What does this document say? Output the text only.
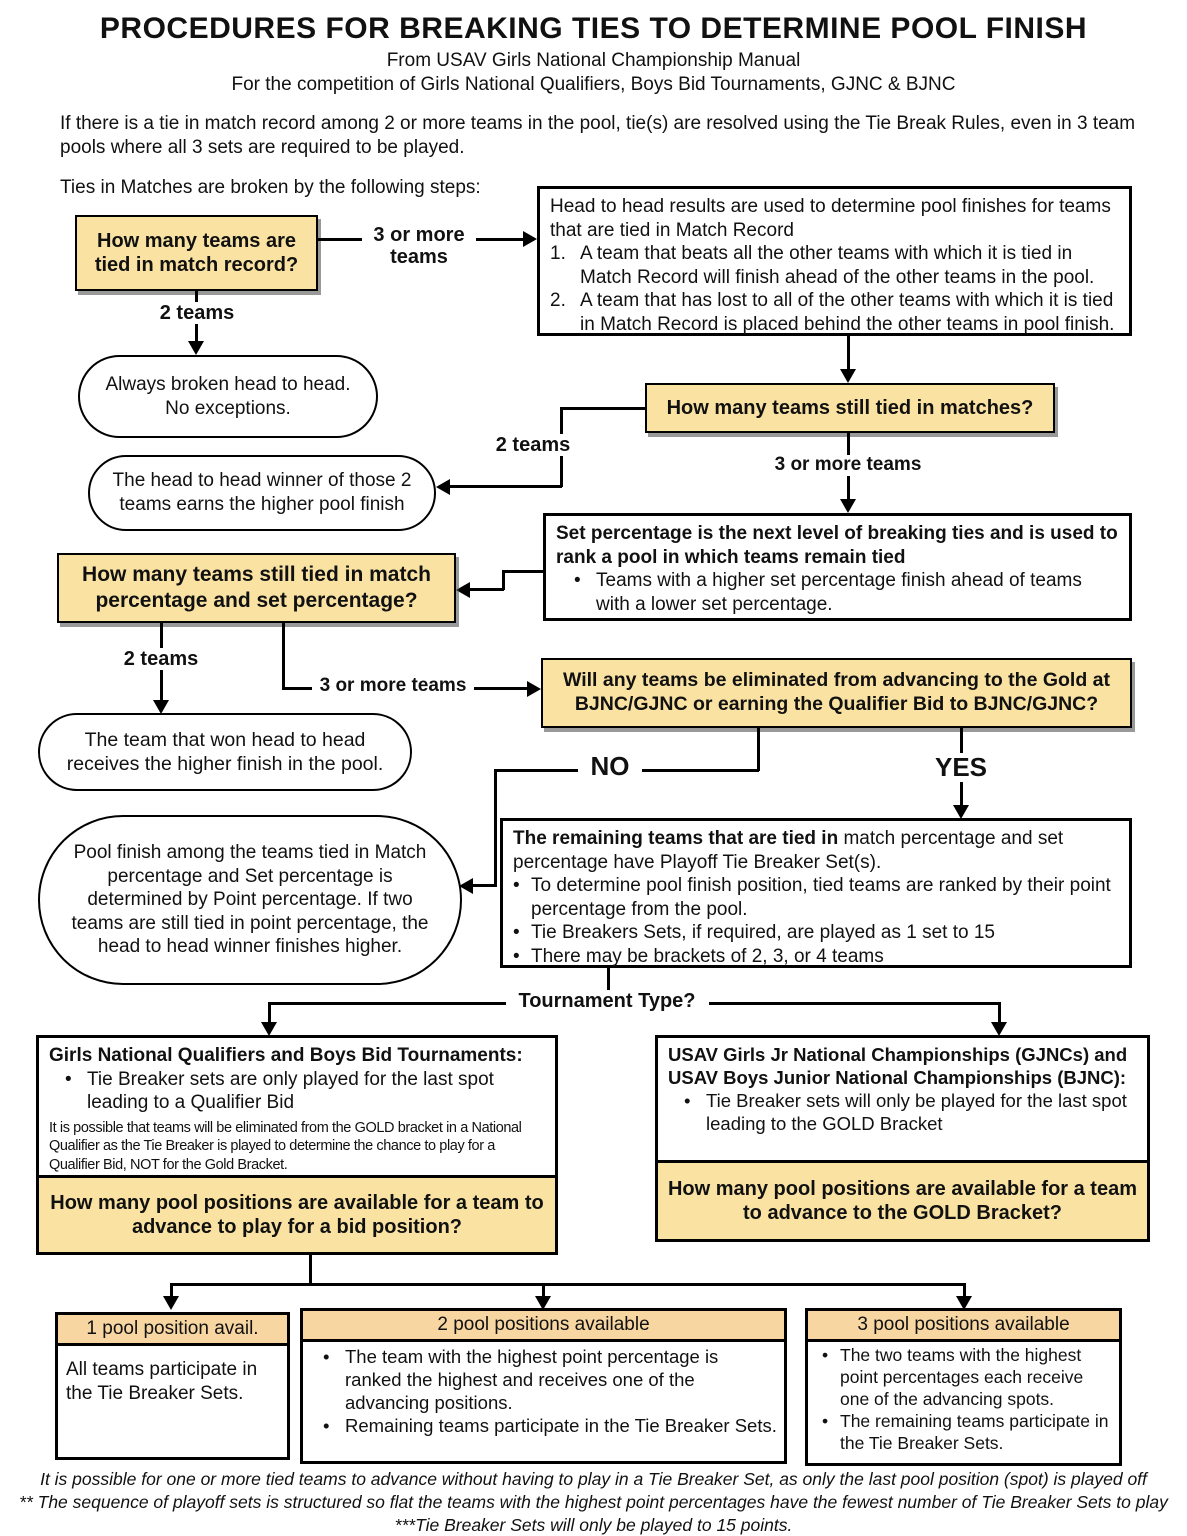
PROCEDURES FOR BREAKING TIES TO DETERMINE POOL FINISH
From USAV Girls National Championship Manual
For the competition of Girls National Qualifiers, Boys Bid Tournaments, GJNC & BJNC
If there is a tie in match record among 2 or more teams in the pool, tie(s) are resolved using the Tie Break Rules, even in 3 team pools where all 3 sets are required to be played.
Ties in Matches are broken by the following steps:
How many teams are tied in match record?
3 or more teams
2 teams
Head to head results are used to determine pool finishes for teams that are tied in Match Record
1. A team that beats all the other teams with which it is tied in Match Record will finish ahead of the other teams in the pool.
2. A team that has lost to all of the other teams with which it is tied in Match Record is placed behind the other teams in pool finish.
Always broken head to head.
No exceptions.	How many teams still tied in matches?
2 teams
3 or more teams
The head to head winner of those 2 teams earns the higher pool finish
Set percentage is the next level of breaking ties and is used to rank a pool in which teams remain tied
• Teams with a higher set percentage finish ahead of teams with a lower set percentage.
How many teams still tied in match percentage and set percentage?
2 teams
3 or more teams
The team that won head to head receives the higher finish in the pool.
Will any teams be eliminated from advancing to the Gold at BJNC/GJNC or earning the Qualifier Bid to BJNC/GJNC?
NO	YES
Pool finish among the teams tied in Match percentage and Set percentage is determined by Point percentage. If two teams are still tied in point percentage, the head to head winner finishes higher.
The remaining teams that are tied in match percentage and set percentage have Playoff Tie Breaker Set(s).
• To determine pool finish position, tied teams are ranked by their point percentage from the pool.
• Tie Breakers Sets, if required, are played as 1 set to 15
• There may be brackets of 2, 3, or 4 teams
Tournament Type?
Girls National Qualifiers and Boys Bid Tournaments:
• Tie Breaker sets are only played for the last spot leading to a Qualifier Bid
It is possible that teams will be eliminated from the GOLD bracket in a National Qualifier as the Tie Breaker is played to determine the chance to play for a Qualifier Bid, NOT for the Gold Bracket.
How many pool positions are available for a team to advance to play for a bid position?
USAV Girls Jr National Championships (GJNCs) and USAV Boys Junior National Championships (BJNC):
• Tie Breaker sets will only be played for the last spot leading to the GOLD Bracket
How many pool positions are available for a team to advance to the GOLD Bracket?
1 pool position avail.
All teams participate in the Tie Breaker Sets.
2 pool positions available
• The team with the highest point percentage is ranked the highest and receives one of the advancing positions.
• Remaining teams participate in the Tie Breaker Sets.
3 pool positions available
• The two teams with the highest point percentages each receive one of the advancing spots.
• The remaining teams participate in the Tie Breaker Sets.
It is possible for one or more tied teams to advance without having to play in a Tie Breaker Set, as only the last pool position (spot) is played off
** The sequence of playoff sets is structured so flat the teams with the highest point percentages have the fewest number of Tie Breaker Sets to play
***Tie Breaker Sets will only be played to 15 points.
